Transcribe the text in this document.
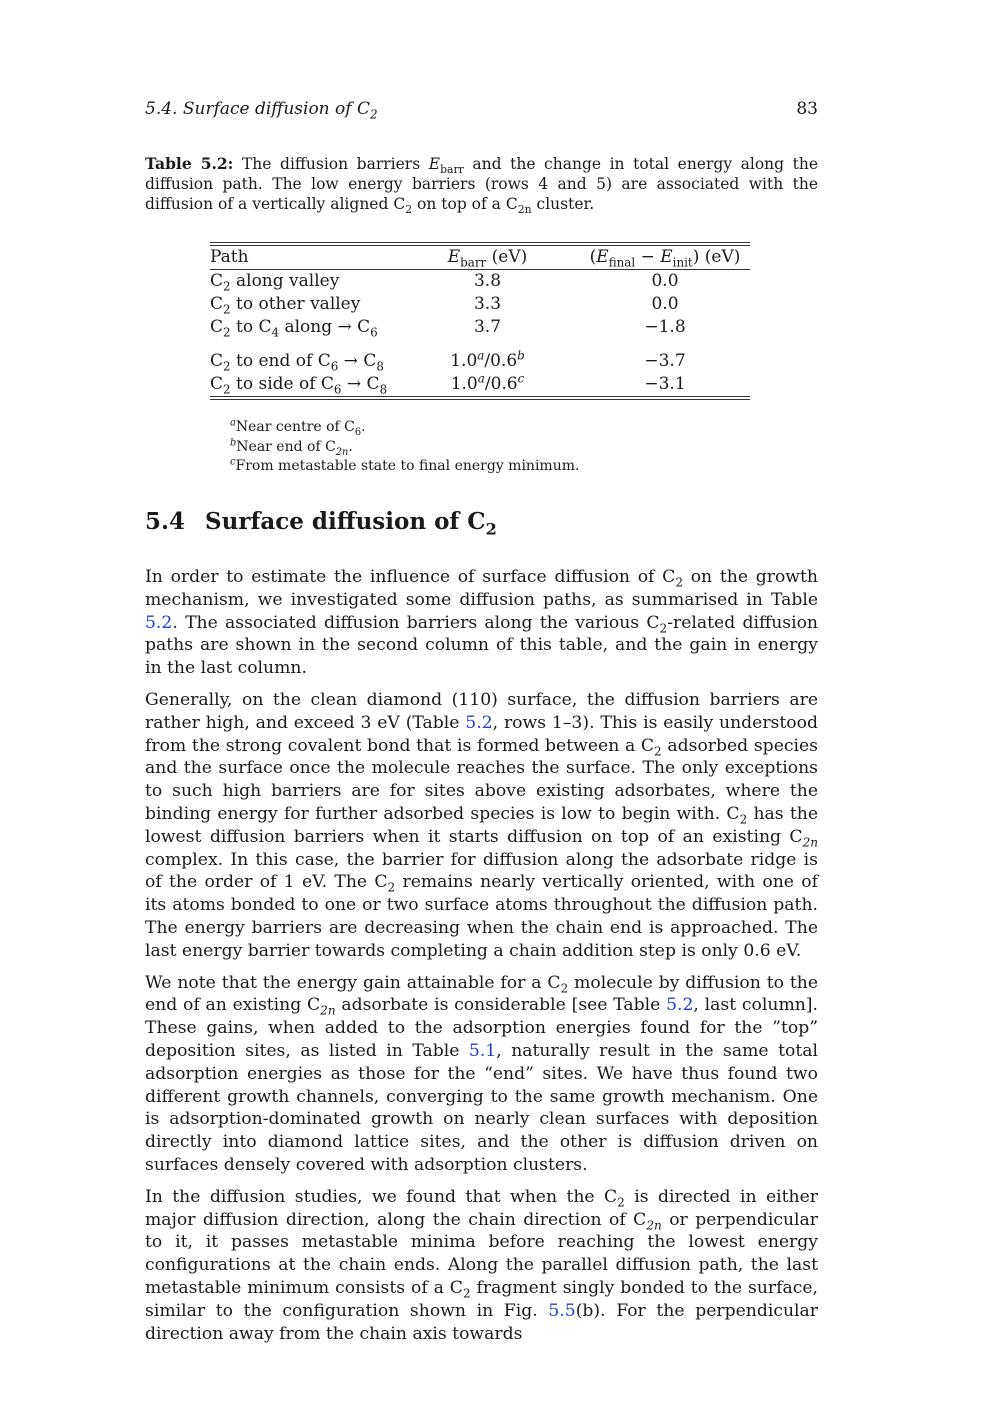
5.4. Surface diffusion of $C_2$	83
Table 5.2: The diffusion barriers $E_{barr}$ and the change in total energy along the diffusion path. The low energy barriers (rows 4 and 5) are associated with the diffusion of a vertically aligned $C_2$ on top of a $C_{2n}$ cluster.
Path	$E_{barr}$ (eV)	$(E_{final} - E_{init})$ (eV)
$C_2$ along valley	3.8	0.0
$C_2$ to other valley	3.3	0.0
$C_2$ to $C_4$ along → $C_6$	3.7	−1.8
$C_2$ to end of $C_6 \to C_8$	1.0$^a$/0.6$^b$	−3.7
$C_2$ to side of $C_6 \to C_8$	1.0$^a$/0.6$^c$	−3.1
$^a$Near centre of $C_6$.
$^b$Near end of $C_{2n}$.
$^c$From metastable state to final energy minimum.
5.4 Surface diffusion of $C_2$

In order to estimate the influence of surface diffusion of $C_2$ on the growth mechanism, we investigated some diffusion paths, as summarised in Table 5.2. The associated diffusion barriers along the various $C_2$-related diffusion paths are shown in the second column of this table, and the gain in energy in the last column.

Generally, on the clean diamond (110) surface, the diffusion barriers are rather high, and exceed 3 eV (Table 5.2, rows 1–3). This is easily understood from the strong covalent bond that is formed between a $C_2$ adsorbed species and the surface once the molecule reaches the surface. The only exceptions to such high barriers are for sites above existing adsorbates, where the binding energy for further adsorbed species is low to begin with. $C_2$ has the lowest diffusion barriers when it starts diffusion on top of an existing $C_{2n}$ complex. In this case, the barrier for diffusion along the adsorbate ridge is of the order of 1 eV. The $C_2$ remains nearly vertically oriented, with one of its atoms bonded to one or two surface atoms throughout the diffusion path. The energy barriers are decreasing when the chain end is approached. The last energy barrier towards completing a chain addition step is only 0.6 eV.

We note that the energy gain attainable for a $C_2$ molecule by diffusion to the end of an existing $C_{2n}$ adsorbate is considerable [see Table 5.2, last column]. These gains, when added to the adsorption energies found for the ”top” deposition sites, as listed in Table 5.1, naturally result in the same total adsorption energies as those for the “end” sites. We have thus found two different growth channels, converging to the same growth mechanism. One is adsorption-dominated growth on nearly clean surfaces with deposition directly into diamond lattice sites, and the other is diffusion driven on surfaces densely covered with adsorption clusters.

In the diffusion studies, we found that when the $C_2$ is directed in either major diffusion direction, along the chain direction of $C_{2n}$ or perpendicular to it, it passes metastable minima before reaching the lowest energy configurations at the chain ends. Along the parallel diffusion path, the last metastable minimum consists of a $C_2$ fragment singly bonded to the surface, similar to the configuration shown in Fig. 5.5(b). For the perpendicular direction away from the chain axis towards
